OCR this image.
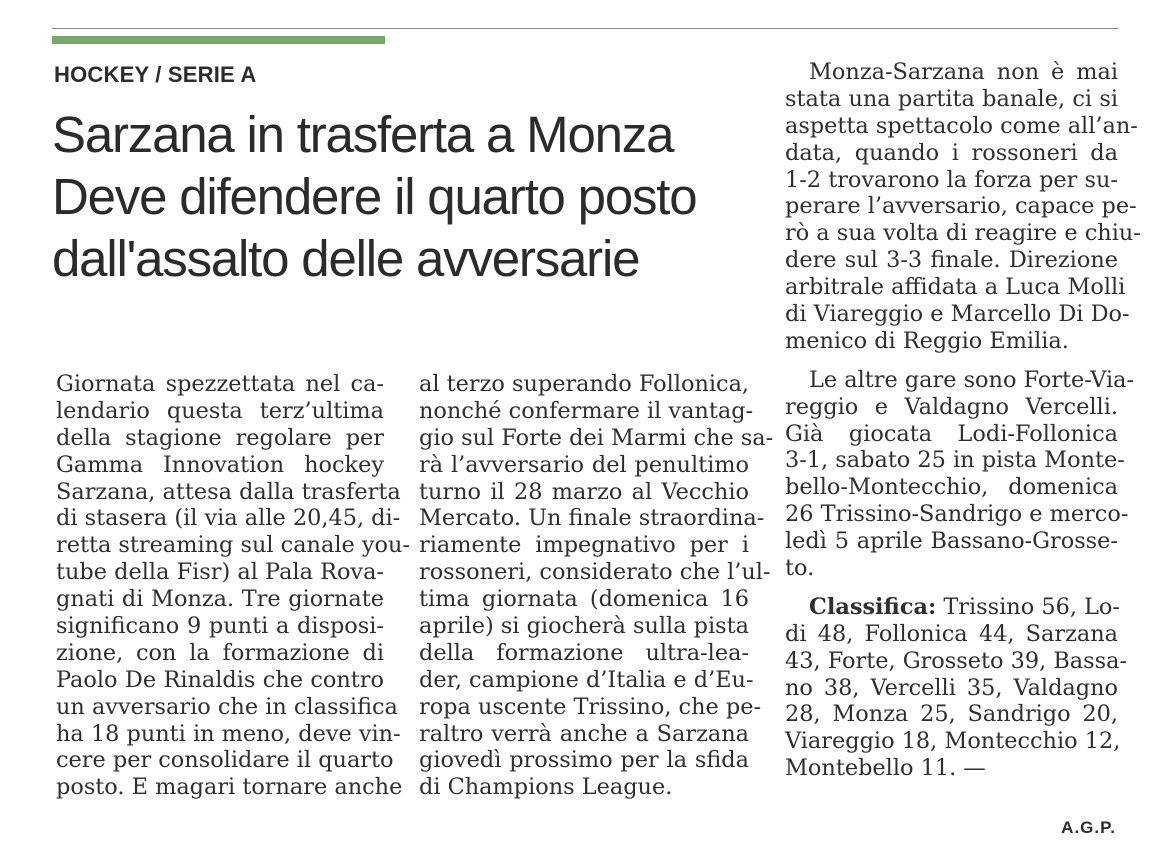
HOCKEY / SERIE A
Sarzana in trasferta a Monza
Deve difendere il quarto posto
dall'assalto delle avversarie
Giornata spezzettata nel ca-
lendario questa terz’ultima
della stagione regolare per
Gamma Innovation hockey
Sarzana, attesa dalla trasferta
di stasera (il via alle 20,45, di-
retta streaming sul canale you-
tube della Fisr) al Pala Rova-
gnati di Monza. Tre giornate
significano 9 punti a disposi-
zione, con la formazione di
Paolo De Rinaldis che contro
un avversario che in classifica
ha 18 punti in meno, deve vin-
cere per consolidare il quarto
posto. E magari tornare anche
al terzo superando Follonica,
nonché confermare il vantag-
gio sul Forte dei Marmi che sa-
rà l’avversario del penultimo
turno il 28 marzo al Vecchio
Mercato. Un finale straordina-
riamente impegnativo per i
rossoneri, considerato che l’ul-
tima giornata (domenica 16
aprile) si giocherà sulla pista
della formazione ultra-lea-
der, campione d’Italia e d’Eu-
ropa uscente Trissino, che pe-
raltro verrà anche a Sarzana
giovedì prossimo per la sfida
di Champions League.
Monza-Sarzana non è mai
stata una partita banale, ci si
aspetta spettacolo come all’an-
data, quando i rossoneri da
1-2 trovarono la forza per su-
perare l’avversario, capace pe-
rò a sua volta di reagire e chiu-
dere sul 3-3 finale. Direzione
arbitrale affidata a Luca Molli
di Viareggio e Marcello Di Do-
menico di Reggio Emilia.
Le altre gare sono Forte-Via-
reggio e Valdagno Vercelli.
Già giocata Lodi-Follonica
3-1, sabato 25 in pista Monte-
bello-Montecchio, domenica
26 Trissino-Sandrigo e merco-
ledì 5 aprile Bassano-Grosse-
to.
Classifica: Trissino 56, Lo-
di 48, Follonica 44, Sarzana
43, Forte, Grosseto 39, Bassa-
no 38, Vercelli 35, Valdagno
28, Monza 25, Sandrigo 20,
Viareggio 18, Montecchio 12,
Montebello 11. —
A.G.P.
